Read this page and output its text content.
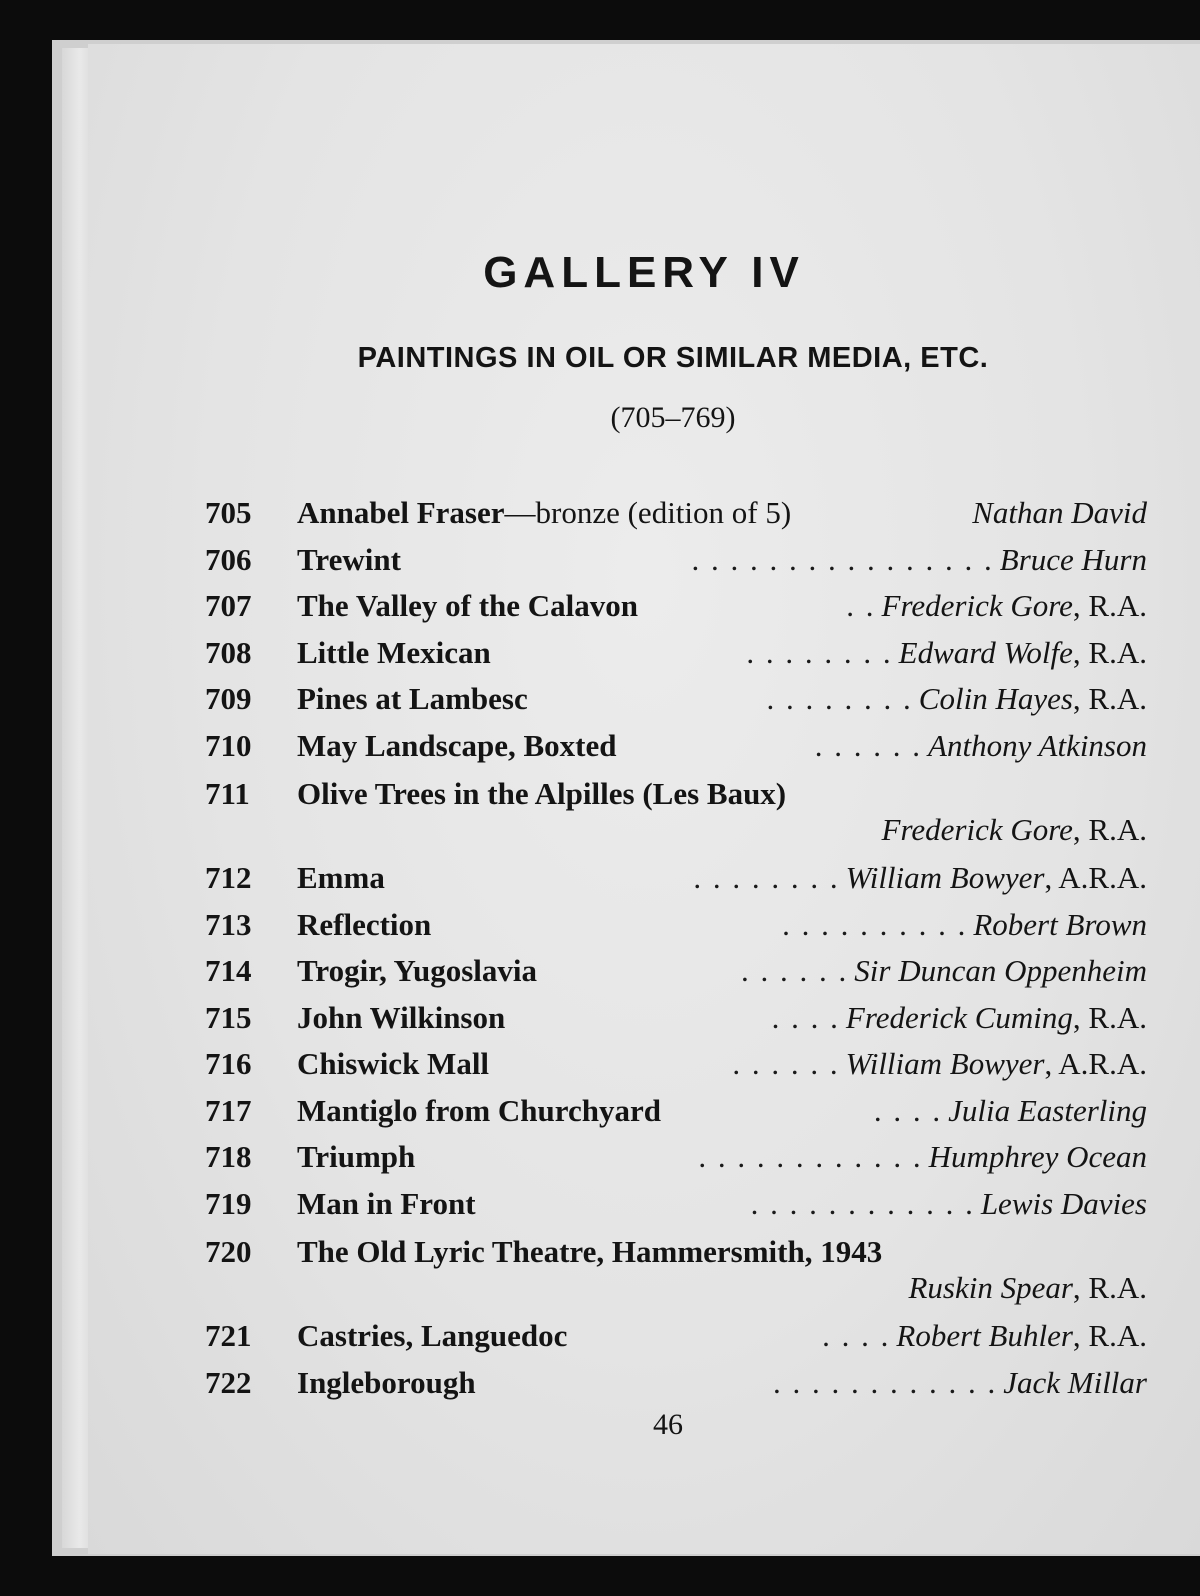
GALLERY IV
PAINTINGS IN OIL OR SIMILAR MEDIA, ETC.
(705–769)
705	Annabel Fraser—bronze (edition of 5)	Nathan David
706	Trewint	. . . . . . . . . . . . . . . . Bruce Hurn
707	The Valley of the Calavon	. . Frederick Gore, R.A.
708	Little Mexican	. . . . . . . . Edward Wolfe, R.A.
709	Pines at Lambesc	. . . . . . . . Colin Hayes, R.A.
710	May Landscape, Boxted	. . . . . . Anthony Atkinson
711	Olive Trees in the Alpilles (Les Baux)
Frederick Gore, R.A.
712	Emma	. . . . . . . . William Bowyer, A.R.A.
713	Reflection	. . . . . . . . . . Robert Brown
714	Trogir, Yugoslavia	. . . . . . Sir Duncan Oppenheim
715	John Wilkinson	. . . . Frederick Cuming, R.A.
716	Chiswick Mall	. . . . . . William Bowyer, A.R.A.
717	Mantiglo from Churchyard	. . . . Julia Easterling
718	Triumph	. . . . . . . . . . . . Humphrey Ocean
719	Man in Front	. . . . . . . . . . . . Lewis Davies
720	The Old Lyric Theatre, Hammersmith, 1943
Ruskin Spear, R.A.
721	Castries, Languedoc	. . . . Robert Buhler, R.A.
722	Ingleborough	. . . . . . . . . . . . Jack Millar
46
